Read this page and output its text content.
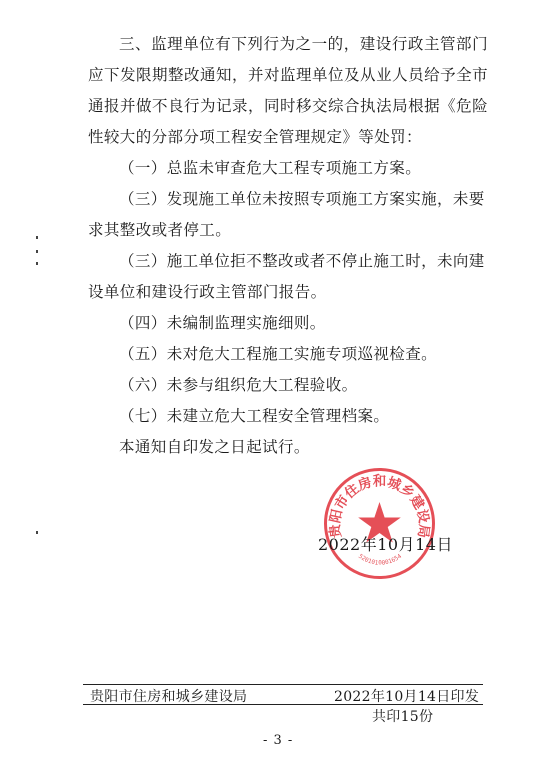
三、监理单位有下列行为之一的，建设行政主管部门应下发限期整改通知，并对监理单位及从业人员给予全市通报并做不良行为记录，同时移交综合执法局根据《危险性较大的分部分项工程安全管理规定》等处罚：

（一）总监未审查危大工程专项施工方案。

（三）发现施工单位未按照专项施工方案实施，未要求其整改或者停工。

（三）施工单位拒不整改或者不停止施工时，未向建设单位和建设行政主管部门报告。

（四）未编制监理实施细则。

（五）未对危大工程施工实施专项巡视检查。

（六）未参与组织危大工程验收。

（七）未建立危大工程安全管理档案。

本通知自印发之日起试行。

贵阳市住房和城乡建设局
5201010001654
2022年10月14日
贵阳市住房和城乡建设局	2022年10月14日印发
共印15份
- 3 -
